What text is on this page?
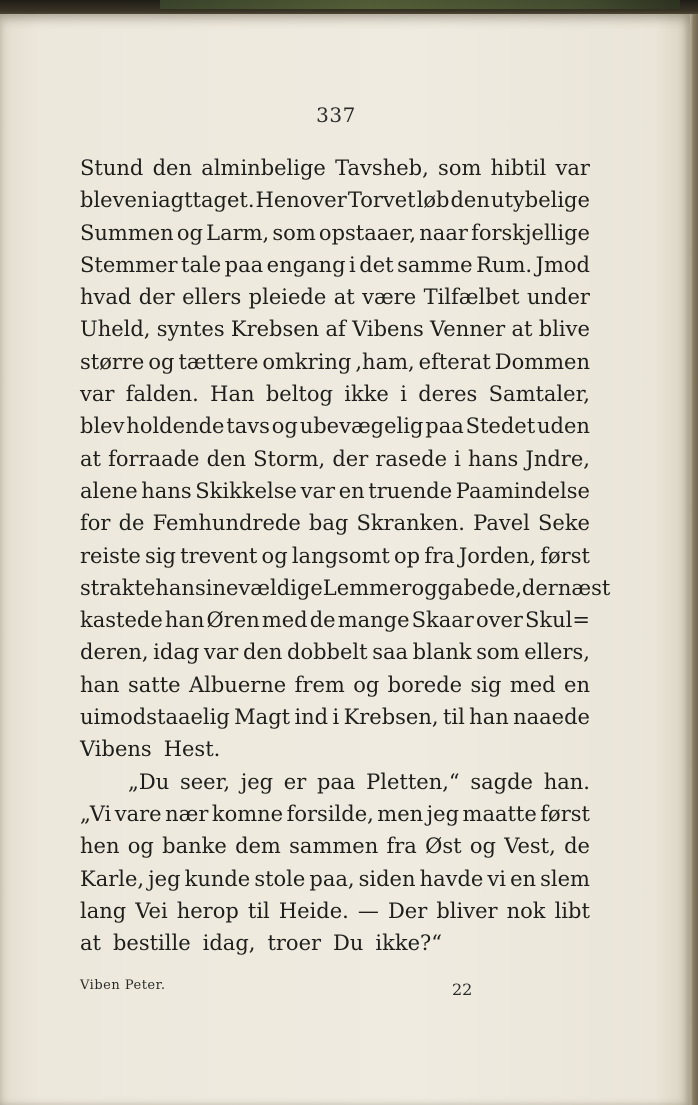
337
Stund den alminbelige Tavsheb, som hibtil var
bleven iagttaget. Henover Torvet løb den utybelige
Summen og Larm, som opstaaer, naar forskjellige
Stemmer tale paa engang i det samme Rum. Jmod
hvad der ellers pleiede at være Tilfælbet under
Uheld, syntes Krebsen af Vibens Venner at blive
større og tættere omkring ,ham, efterat Dommen
var falden. Han beltog ikke i deres Samtaler,
blev holdende tavs og ubevægelig paa Stedet uden
at forraade den Storm, der rasede i hans Jndre,
alene hans Skikkelse var en truende Paamindelse
for de Femhundrede bag Skranken. Pavel Seke
reiste sig trevent og langsomt op fra Jorden, først
strakte han sine vældige Lemmer og gabede, dernæst
kastede han Øren med de mange Skaar over Skul=
deren, idag var den dobbelt saa blank som ellers,
han satte Albuerne frem og borede sig med en
uimodstaaelig Magt ind i Krebsen, til han naaede
Vibens Hest.
„Du seer, jeg er paa Pletten,“ sagde han.
„Vi vare nær komne forsilde, men jeg maatte først
hen og banke dem sammen fra Øst og Vest, de
Karle, jeg kunde stole paa, siden havde vi en slem
lang Vei herop til Heide. — Der bliver nok libt
at bestille idag, troer Du ikke?“
Viben Peter.	22
